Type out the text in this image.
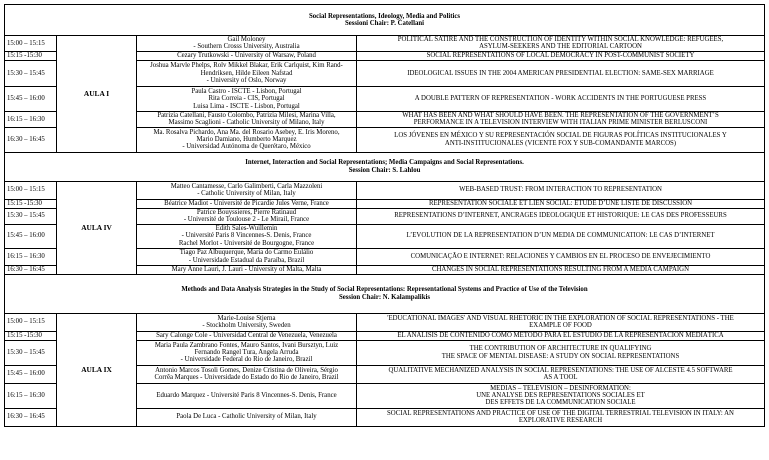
Social Representations, Ideology, Media and Politics
Sessioni Chair: P. Catellani			

15:00 – 15:15	AULA I	Gail Moloney
- Southern Crosss University, Australia	POLITICAL SATIRE AND THE CONSTRUCTION OF IDENTITY WITHIN SOCIAL KNOWLEDGE: REFUGEES,
ASYLUM-SEEKERS AND THE EDITORIAL CARTOON

15:15 -15:30		Cezary Trutkowski - University of Warsaw, Poland	SOCIAL REPRESENTATIONS OF LOCAL DEMOCRACY IN POST-COMMUNIST SOCIETY

15:30 – 15:45		Joshua Marvle Phelps, Rolv Mikkel Blakar, Erik Carlquist, Kim Rand-
Hendriksen, Hilde Eileen Nafstad
- University of Oslo, Norway	IDEOLOGICAL ISSUES IN THE 2004 AMERICAN PRESIDENTIAL ELECTION: SAME-SEX MARRIAGE

15:45 – 16:00		Paula Castro - ISCTE - Lisbon, Portugal
Rita Correia - CIS, Portugal
Luisa Lima - ISCTE - Lisbon, Portugal	A DOUBLE PATTERN OF REPRESENTATION - WORK ACCIDENTS IN THE PORTUGUESE PRESS

16:15 – 16:30		Patrizia Catellani, Fausto Colombo, Patrizia Milesi, Marina Villa,
Massimo Scaglioni - Catholic University of Milano, Italy	WHAT HAS BEEN AND WHAT SHOULD HAVE BEEN. THE REPRESENTATION OF THE GOVERNMENT’S
PERFORMANCE IN A TELEVISION INTERVIEW WITH ITALIAN PRIME MINISTER BERLUSCONI

16:30 – 16:45		Ma. Rosalva Pichardo, Ana Ma. del Rosario Asebey, E. Iris Moreno,
Mario Damiano, Humberto Marquez
- Universidad Autónoma de Querétaro, México	LOS JÓVENES EN MÉXICO Y SU REPRESENTACIÓN SOCIAL DE FIGURAS POLÍTICAS INSTITUCIONALES Y
ANTI-INSTITUCIONALES (VICENTE FOX Y SUB-COMANDANTE MARCOS)

Internet, Interaction and Social Representations; Media Campaigns and Social Representations.
Session Chair: S. Lahlou			

15:00 – 15:15	AULA IV	Matteo Cantamesse, Carlo Galimberti, Carla Mazzoleni
- Catholic University of Milan, Italy	WEB-BASED TRUST: FROM INTERACTION TO REPRESENTATION

15:15 -15:30		Béatrice Madiot - Université de Picardie Jules Verne, France	REPRESENTATION SOCIALE ET LIEN SOCIAL: ETUDE D’UNE LISTE DE DISCUSSION

15:30 – 15:45		Patrice Bouyssieres, Pierre Ratinaud
- Université de Toulouse 2 - Le Mirail, France	REPRESENTATIONS D’INTERNET, ANCRAGES IDEOLOGIQUE ET HISTORIQUE: LE CAS DES PROFESSEURS

15:45 – 16:00		Edith Sales-Wuillemin
- Université Paris 8 Vincennes-S. Denis, France
Rachel Morlot - Université de Bourgogne, France	L’EVOLUTION DE LA REPRESENTATION D’UN MEDIA DE COMMUNICATION: LE CAS D’INTERNET

16:15 – 16:30		Tiago Paz Albuquerque, Maria do Carmo Eulálio
- Universidade Estadual da Paraíba, Brazil	COMUNICAÇÃO E INTERNET: RELACIONES Y CAMBIOS EN EL PROCESO DE ENVEJECIMIENTO

16:30 – 16:45		Mary Anne Lauri, J. Lauri - University of Malta, Malta	CHANGES IN SOCIAL REPRESENTATIONS RESULTING FROM A MEDIA CAMPAIGN

Methods and Data Analysis Strategies in the Study of Social Representations: Representational Systems and Practice of Use of the Television
Session Chair: N. Kalampalikis			

15:00 – 15:15	AULA IX	Marie-Louise Stjerna
- Stockholm University, Sweden	'EDUCATIONAL IMAGES' AND VISUAL RHETORIC IN THE EXPLORATION OF SOCIAL REPRESENTATIONS - THE
EXAMPLE OF FOOD

15:15 -15:30		Sary Calonge Cole - Universidad Central de Venezuela, Venezuela	EL ANALISIS DE CONTENIDO COMO MÉTODO PARA EL ESTUDIO DE LA REPRESENTACIÓN MEDIÁTICA

15:30 – 15:45		Maria Paula Zambrano Fontes, Mauro Santos, Ivani Bursztyn, Luiz
Fernando Rangel Tura, Angela Arruda
- Universidade Federal do Rio de Janeiro, Brazil	THE CONTRIBUTION OF ARCHITECTURE IN QUALIFYING
THE SPACE OF MENTAL DISEASE: A STUDY ON SOCIAL REPRESENTATIONS

15:45 – 16:00		Antonio Marcos Tosoli Gomes, Denize Cristina de Oliveira, Sérgio
Corrêa Marques - Universidade do Estado do Rio de Janeiro, Brazil	QUALITATIVE MECHANIZED ANALYSIS IN SOCIAL REPRESENTATIONS: THE USE OF ALCESTE 4.5 SOFTWARE
AS A TOOL

16:15 – 16:30		Eduardo Marquez - Université Paris 8 Vincennes-S. Denis, France	MEDIAS – TELEVISION – DESINFORMATION:
UNE ANALYSE DES REPRESENTATIONS SOCIALES ET
DES EFFETS DE LA COMMUNICATION SOCIALE

16:30 – 16:45		Paola De Luca - Catholic University of Milan, Italy	SOCIAL REPRESENTATIONS AND PRACTICE OF USE OF THE DIGITAL TERRESTRIAL TELEVISION IN ITALY: AN
EXPLORATIVE RESEARCH
